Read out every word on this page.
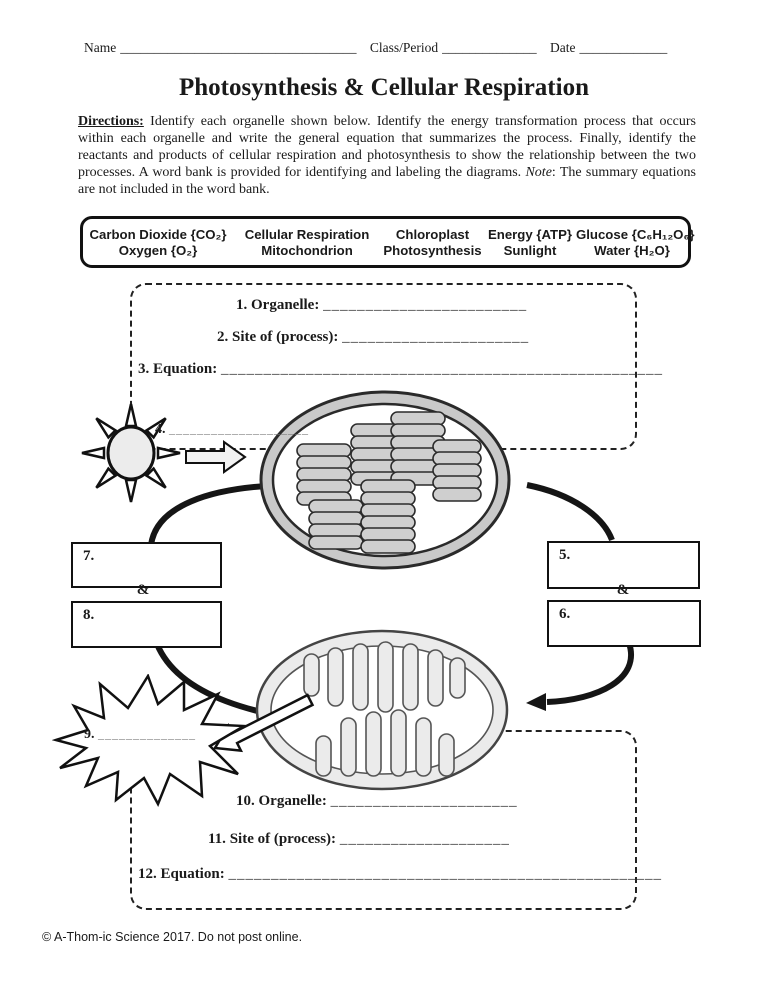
Name ___________________________________ Class/Period ______________ Date _____________
Photosynthesis & Cellular Respiration
Directions: Identify each organelle shown below. Identify the energy transformation process that occurs within each organelle and write the general equation that summarizes the process. Finally, identify the reactants and products of cellular respiration and photosynthesis to show the relationship between the two processes. A word bank is provided for identifying and labeling the diagrams. Note: The summary equations are not included in the word bank.
Carbon Dioxide {CO₂}	Cellular Respiration	Chloroplast	Energy {ATP} Glucose {C₆H₁₂O₆}
Oxygen {O₂}	Mitochondrion	Photosynthesis	Sunlight	Water {H₂O}
1. Organelle: ________________________
2. Site of (process): ______________________
3. Equation: ____________________________________________________
4. ____________________
7.
&
8.
5.
&
6.
9. ______________
10. Organelle: ______________________
11. Site of (process): ____________________
12. Equation: ___________________________________________________
© A-Thom-ic Science 2017. Do not post online.
